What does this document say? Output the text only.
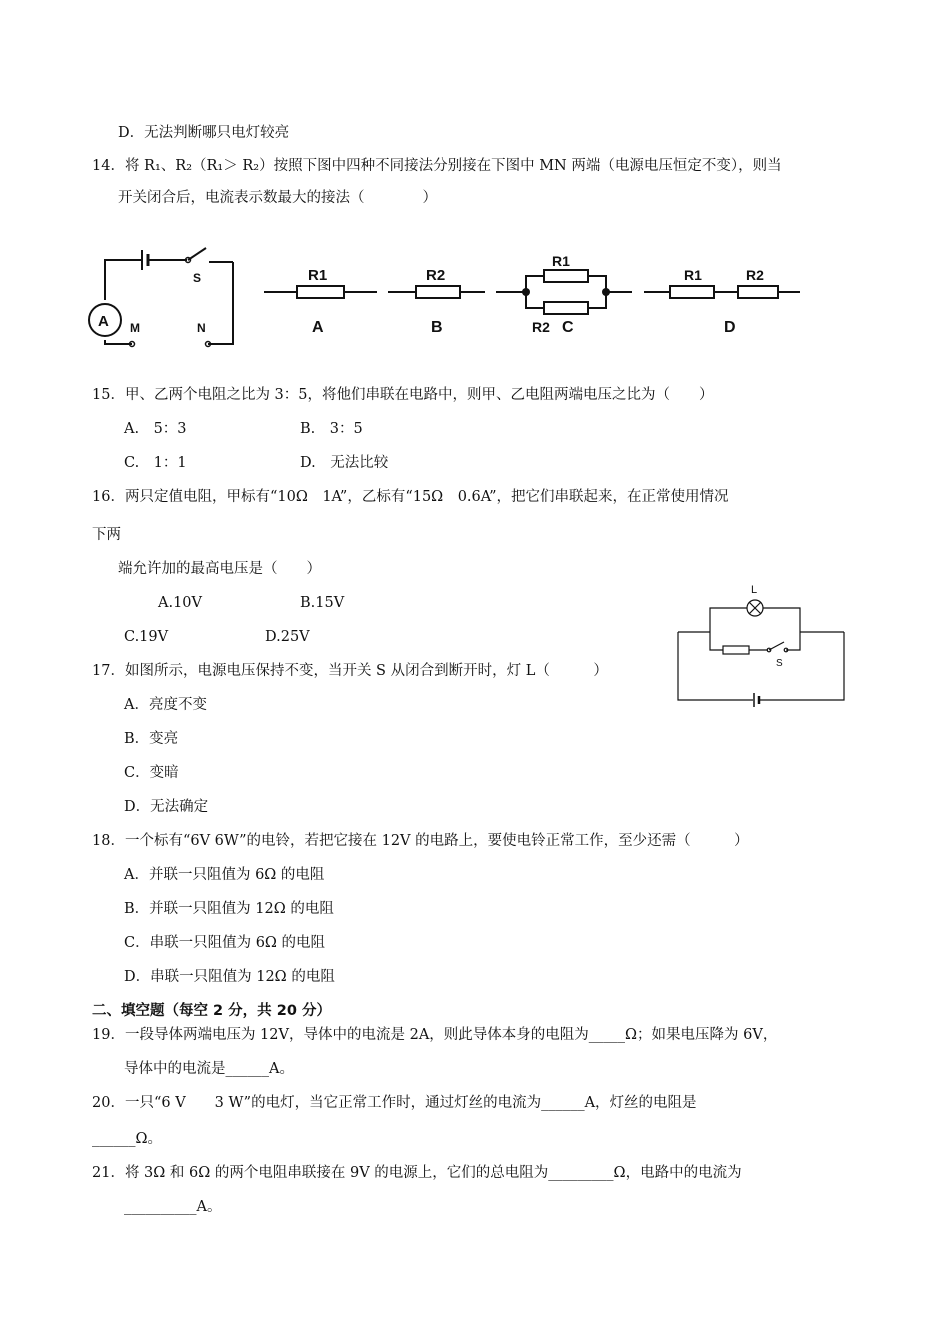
D．无法判断哪只电灯较亮
14．将 R₁、R₂（R₁＞ R₂）按照下图中四种不同接法分别接在下图中 MN 两端（电源电压恒定不变），则当
开关闭合后，电流表示数最大的接法（　　　　）
A
S
M	N
R1
A
R2
B
R1
R2 C
R1	R2
D
15．甲、乙两个电阻之比为 3：5，将他们串联在电路中，则甲、乙电阻两端电压之比为（　　）
A.　5：3	B.　3：5
C.　1：1	D.　无法比较
16．两只定值电阻，甲标有“10Ω　1A”，乙标有“15Ω　0.6A”，把它们串联起来，在正常使用情况
下两
端允许加的最高电压是（　　）
A.10V	B.15V
C.19V	D.25V
L
S
17．如图所示，电源电压保持不变，当开关 S 从闭合到断开时，灯 L（　　　）
A．亮度不变
B．变亮
C．变暗
D．无法确定
18．一个标有“6V 6W”的电铃，若把它接在 12V 的电路上，要使电铃正常工作，至少还需（　　　）
A．并联一只阻值为 6Ω 的电阻
B．并联一只阻值为 12Ω 的电阻
C．串联一只阻值为 6Ω 的电阻
D．串联一只阻值为 12Ω 的电阻
二、填空题（每空 2 分，共 20 分）
19．一段导体两端电压为 12V，导体中的电流是 2A，则此导体本身的电阻为_____Ω；如果电压降为 6V，
导体中的电流是______A。
20．一只“6 V　　3 W”的电灯，当它正常工作时，通过灯丝的电流为______A，灯丝的电阻是
______Ω。
21．将 3Ω 和 6Ω 的两个电阻串联接在 9V 的电源上，它们的总电阻为_________Ω，电路中的电流为
__________A。
